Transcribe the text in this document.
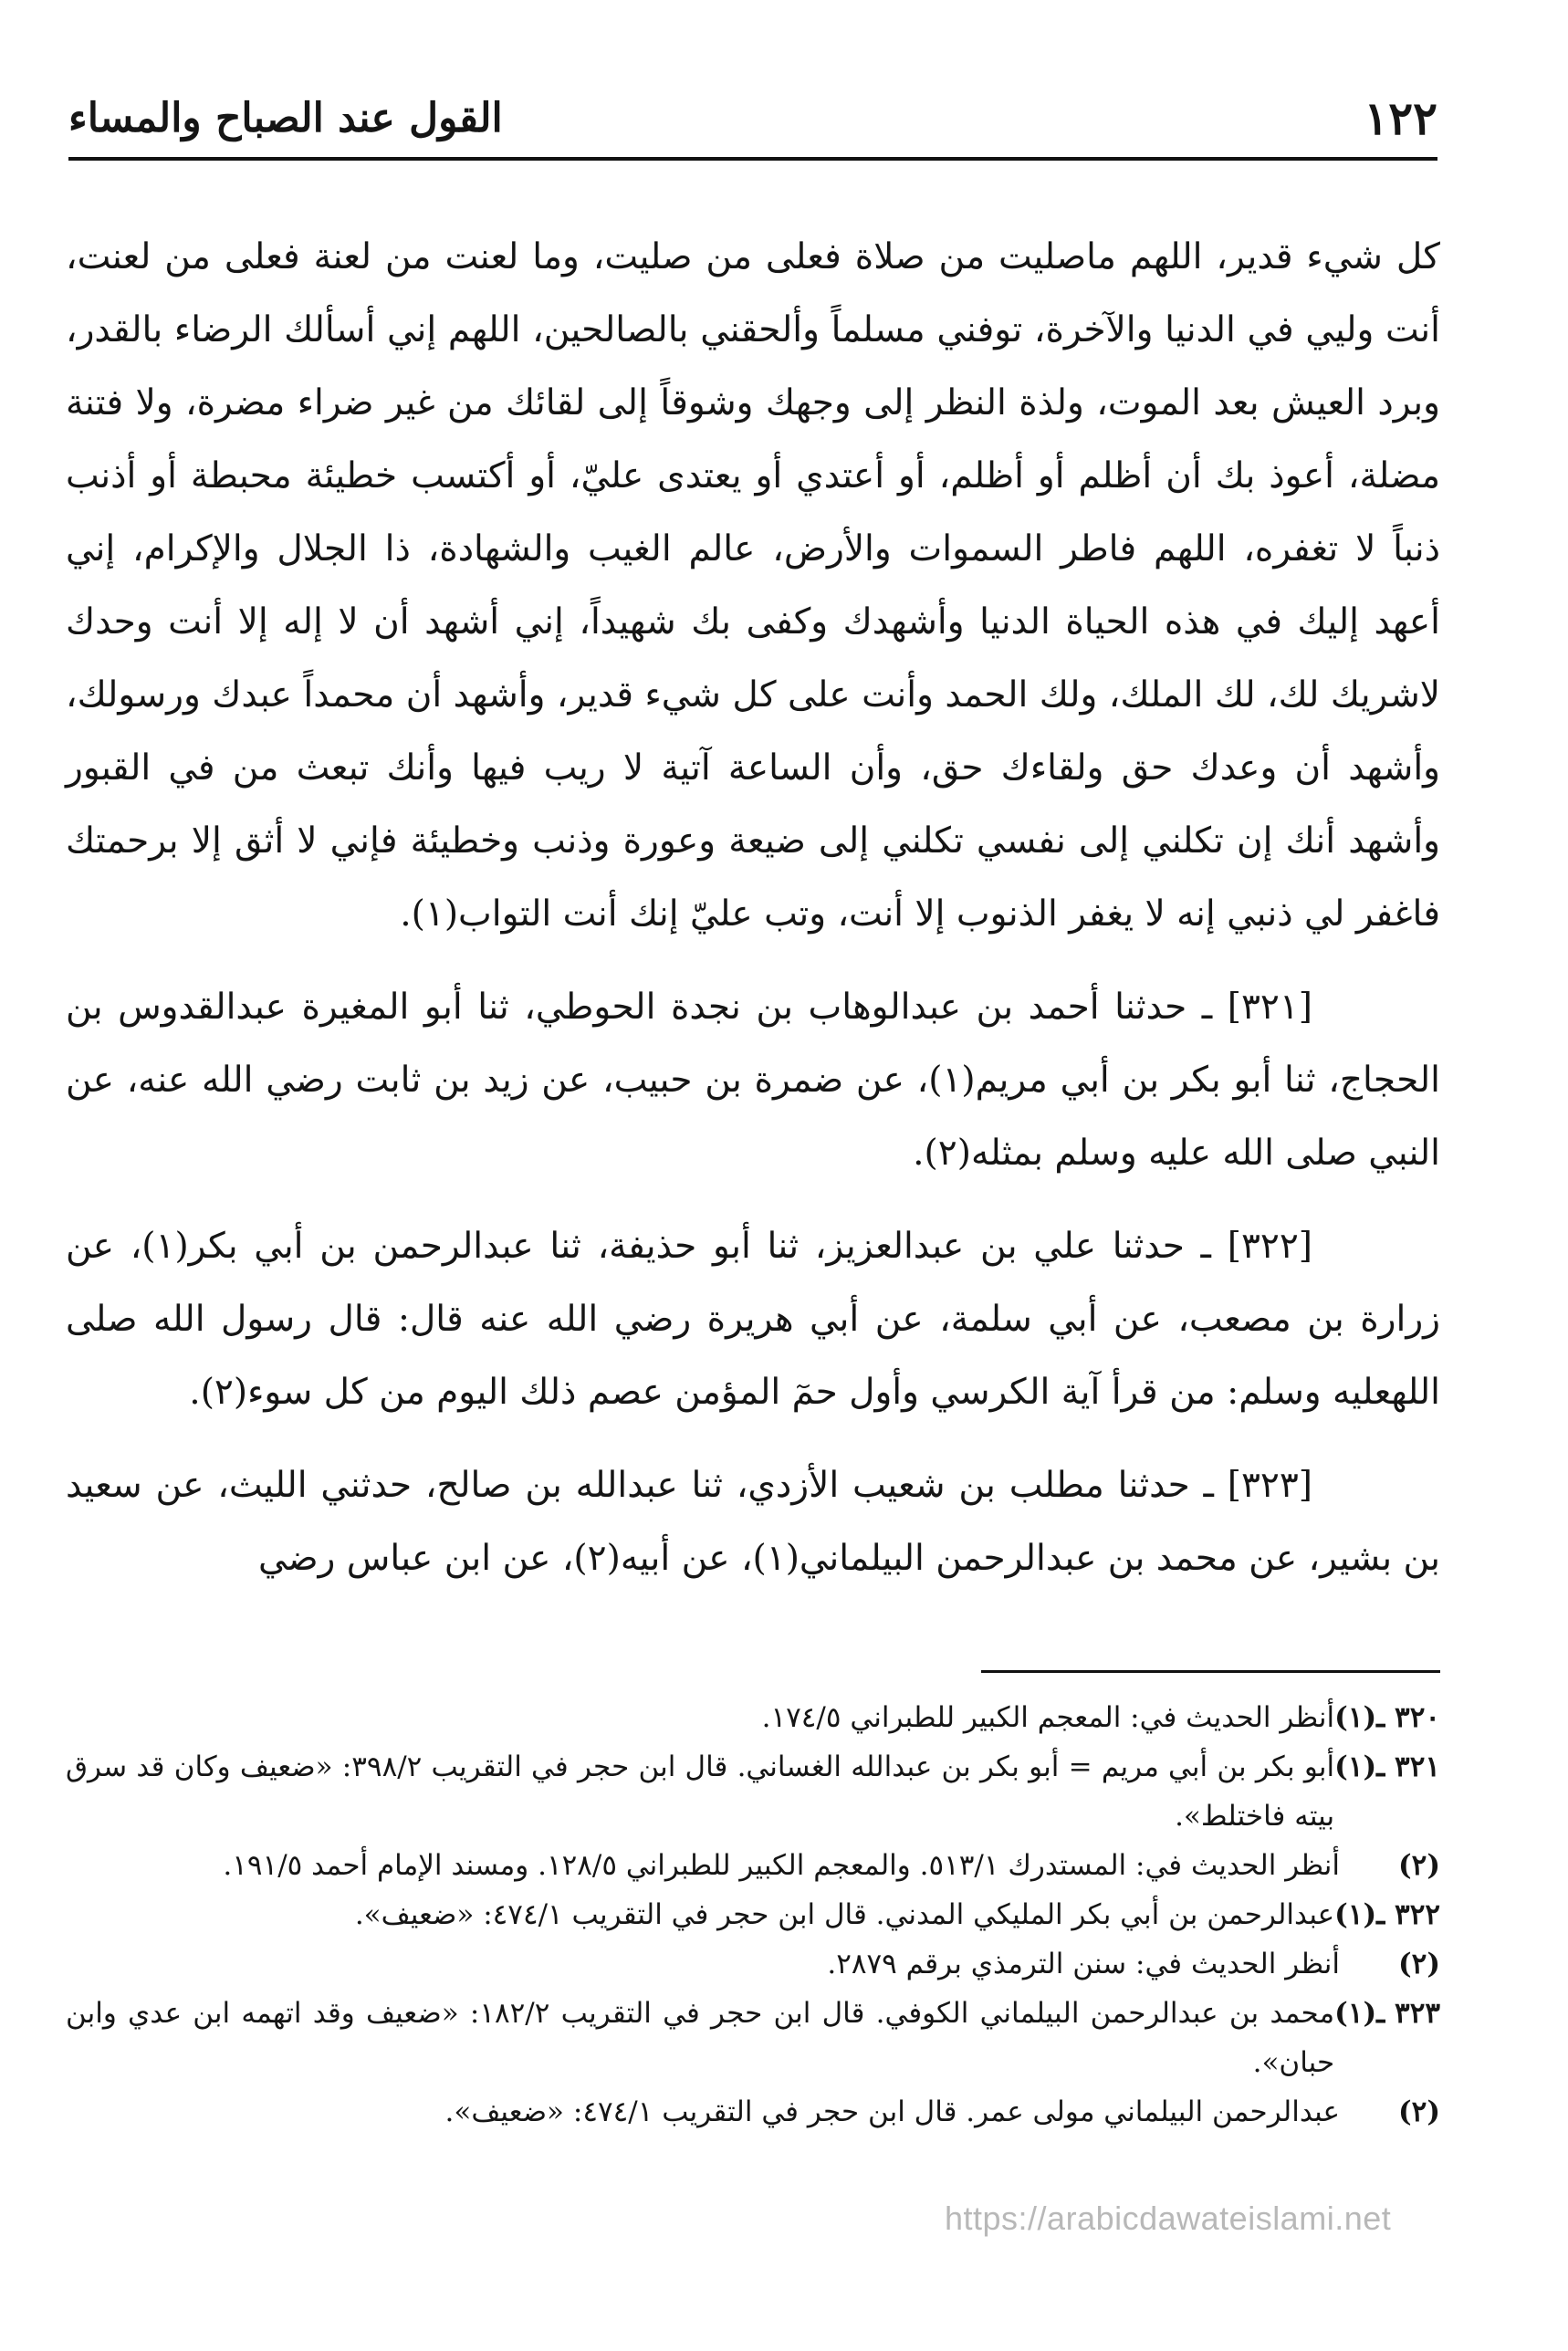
١٢٢
القول عند الصباح والمساء

كل شيء قدير، اللهم ماصليت من صلاة فعلى من صليت، وما لعنت من لعنة فعلى من لعنت، أنت وليي في الدنيا والآخرة، توفني مسلماً وألحقني بالصالحين، اللهم إني أسألك الرضاء بالقدر، وبرد العيش بعد الموت، ولذة النظر إلى وجهك وشوقاً إلى لقائك من غير ضراء مضرة، ولا فتنة مضلة، أعوذ بك أن أظلم أو أظلم، أو أعتدي أو يعتدى عليّ، أو أكتسب خطيئة محبطة أو أذنب ذنباً لا تغفره، اللهم فاطر السموات والأرض، عالم الغيب والشهادة، ذا الجلال والإكرام، إني أعهد إليك في هذه الحياة الدنيا وأشهدك وكفى بك شهيداً، إني أشهد أن لا إله إلا أنت وحدك لاشريك لك، لك الملك، ولك الحمد وأنت على كل شيء قدير، وأشهد أن محمداً عبدك ورسولك، وأشهد أن وعدك حق ولقاءك حق، وأن الساعة آتية لا ريب فيها وأنك تبعث من في القبور وأشهد أنك إن تكلني إلى نفسي تكلني إلى ضيعة وعورة وذنب وخطيئة فإني لا أثق إلا برحمتك فاغفر لي ذنبي إنه لا يغفر الذنوب إلا أنت، وتب عليّ إنك أنت التواب(١).

[٣٢١] ـ حدثنا أحمد بن عبدالوهاب بن نجدة الحوطي، ثنا أبو المغيرة عبدالقدوس بن الحجاج، ثنا أبو بكر بن أبي مريم(١)، عن ضمرة بن حبيب، عن زيد بن ثابت رضي الله عنه، عن النبي صلى الله عليه وسلم بمثله(٢).

[٣٢٢] ـ حدثنا علي بن عبدالعزيز، ثنا أبو حذيفة، ثنا عبدالرحمن بن أبي بكر(١)، عن زرارة بن مصعب، عن أبي سلمة، عن أبي هريرة رضي الله عنه قال: قال رسول الله صلى اللهعليه وسلم: من قرأ آية الكرسي وأول حمٓ المؤمن عصم ذلك اليوم من كل سوء(٢).

[٣٢٣] ـ حدثنا مطلب بن شعيب الأزدي، ثنا عبدالله بن صالح، حدثني الليث، عن سعيد بن بشير، عن محمد بن عبدالرحمن البيلماني(١)، عن أبيه(٢)، عن ابن عباس رضي

٣٢٠ ـ(١)
أنظر الحديث في: المعجم الكبير للطبراني ١٧٤/٥.
٣٢١ ـ(١)
أبو بكر بن أبي مريم = أبو بكر بن عبدالله الغساني. قال ابن حجر في التقريب ٣٩٨/٢: «ضعيف وكان قد سرق بيته فاختلط».
(٢)
أنظر الحديث في: المستدرك ٥١٣/١. والمعجم الكبير للطبراني ١٢٨/٥. ومسند الإمام أحمد ١٩١/٥.
٣٢٢ ـ(١)
عبدالرحمن بن أبي بكر المليكي المدني. قال ابن حجر في التقريب ٤٧٤/١: «ضعيف».
(٢)
أنظر الحديث في: سنن الترمذي برقم ٢٨٧٩.
٣٢٣ ـ(١)
محمد بن عبدالرحمن البيلماني الكوفي. قال ابن حجر في التقريب ١٨٢/٢: «ضعيف وقد اتهمه ابن عدي وابن حبان».
(٢)
عبدالرحمن البيلماني مولى عمر. قال ابن حجر في التقريب ٤٧٤/١: «ضعيف».
https://arabicdawateislami.net
